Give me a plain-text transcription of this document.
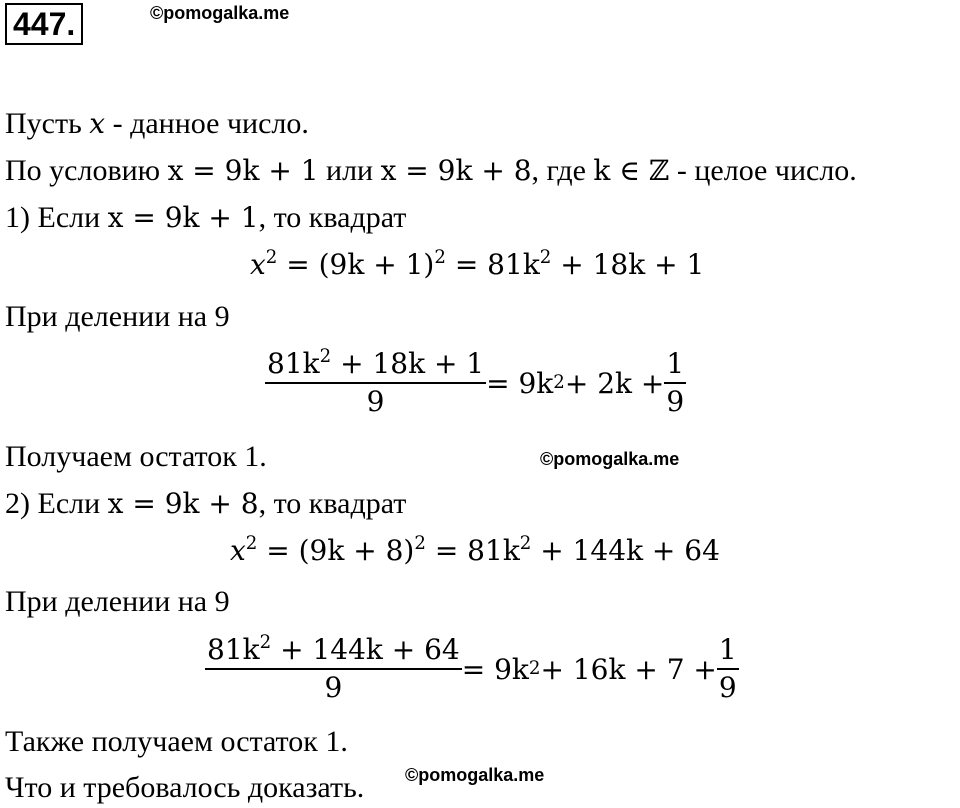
447.	©pomogalka.me
Пусть x - данное число.
По условию x = 9k + 1 или x = 9k + 8, где k ∈ ℤ - целое число.
1) Если x = 9k + 1, то квадрат
$x^2 = (9k + 1)^2 = 81k^2 + 18k + 1$
При делении на 9
$\frac{81k^2 + 18k + 1}{9} = 9k$ $2 + 2k + \frac{1}{9}$
Получаем остаток 1.	©pomogalka.me
2) Если x = 9k + 8, то квадрат
$x^2 = (9k + 8)^2 = 81k^2 + 144k + 64$
При делении на 9
$\frac{81k^2 + 144k + 64}{9} = 9k$ $2 + 16k + 7 + \frac{1}{9}$
Также получаем остаток 1.
Что и требовалось доказать. ©pomogalka.me
